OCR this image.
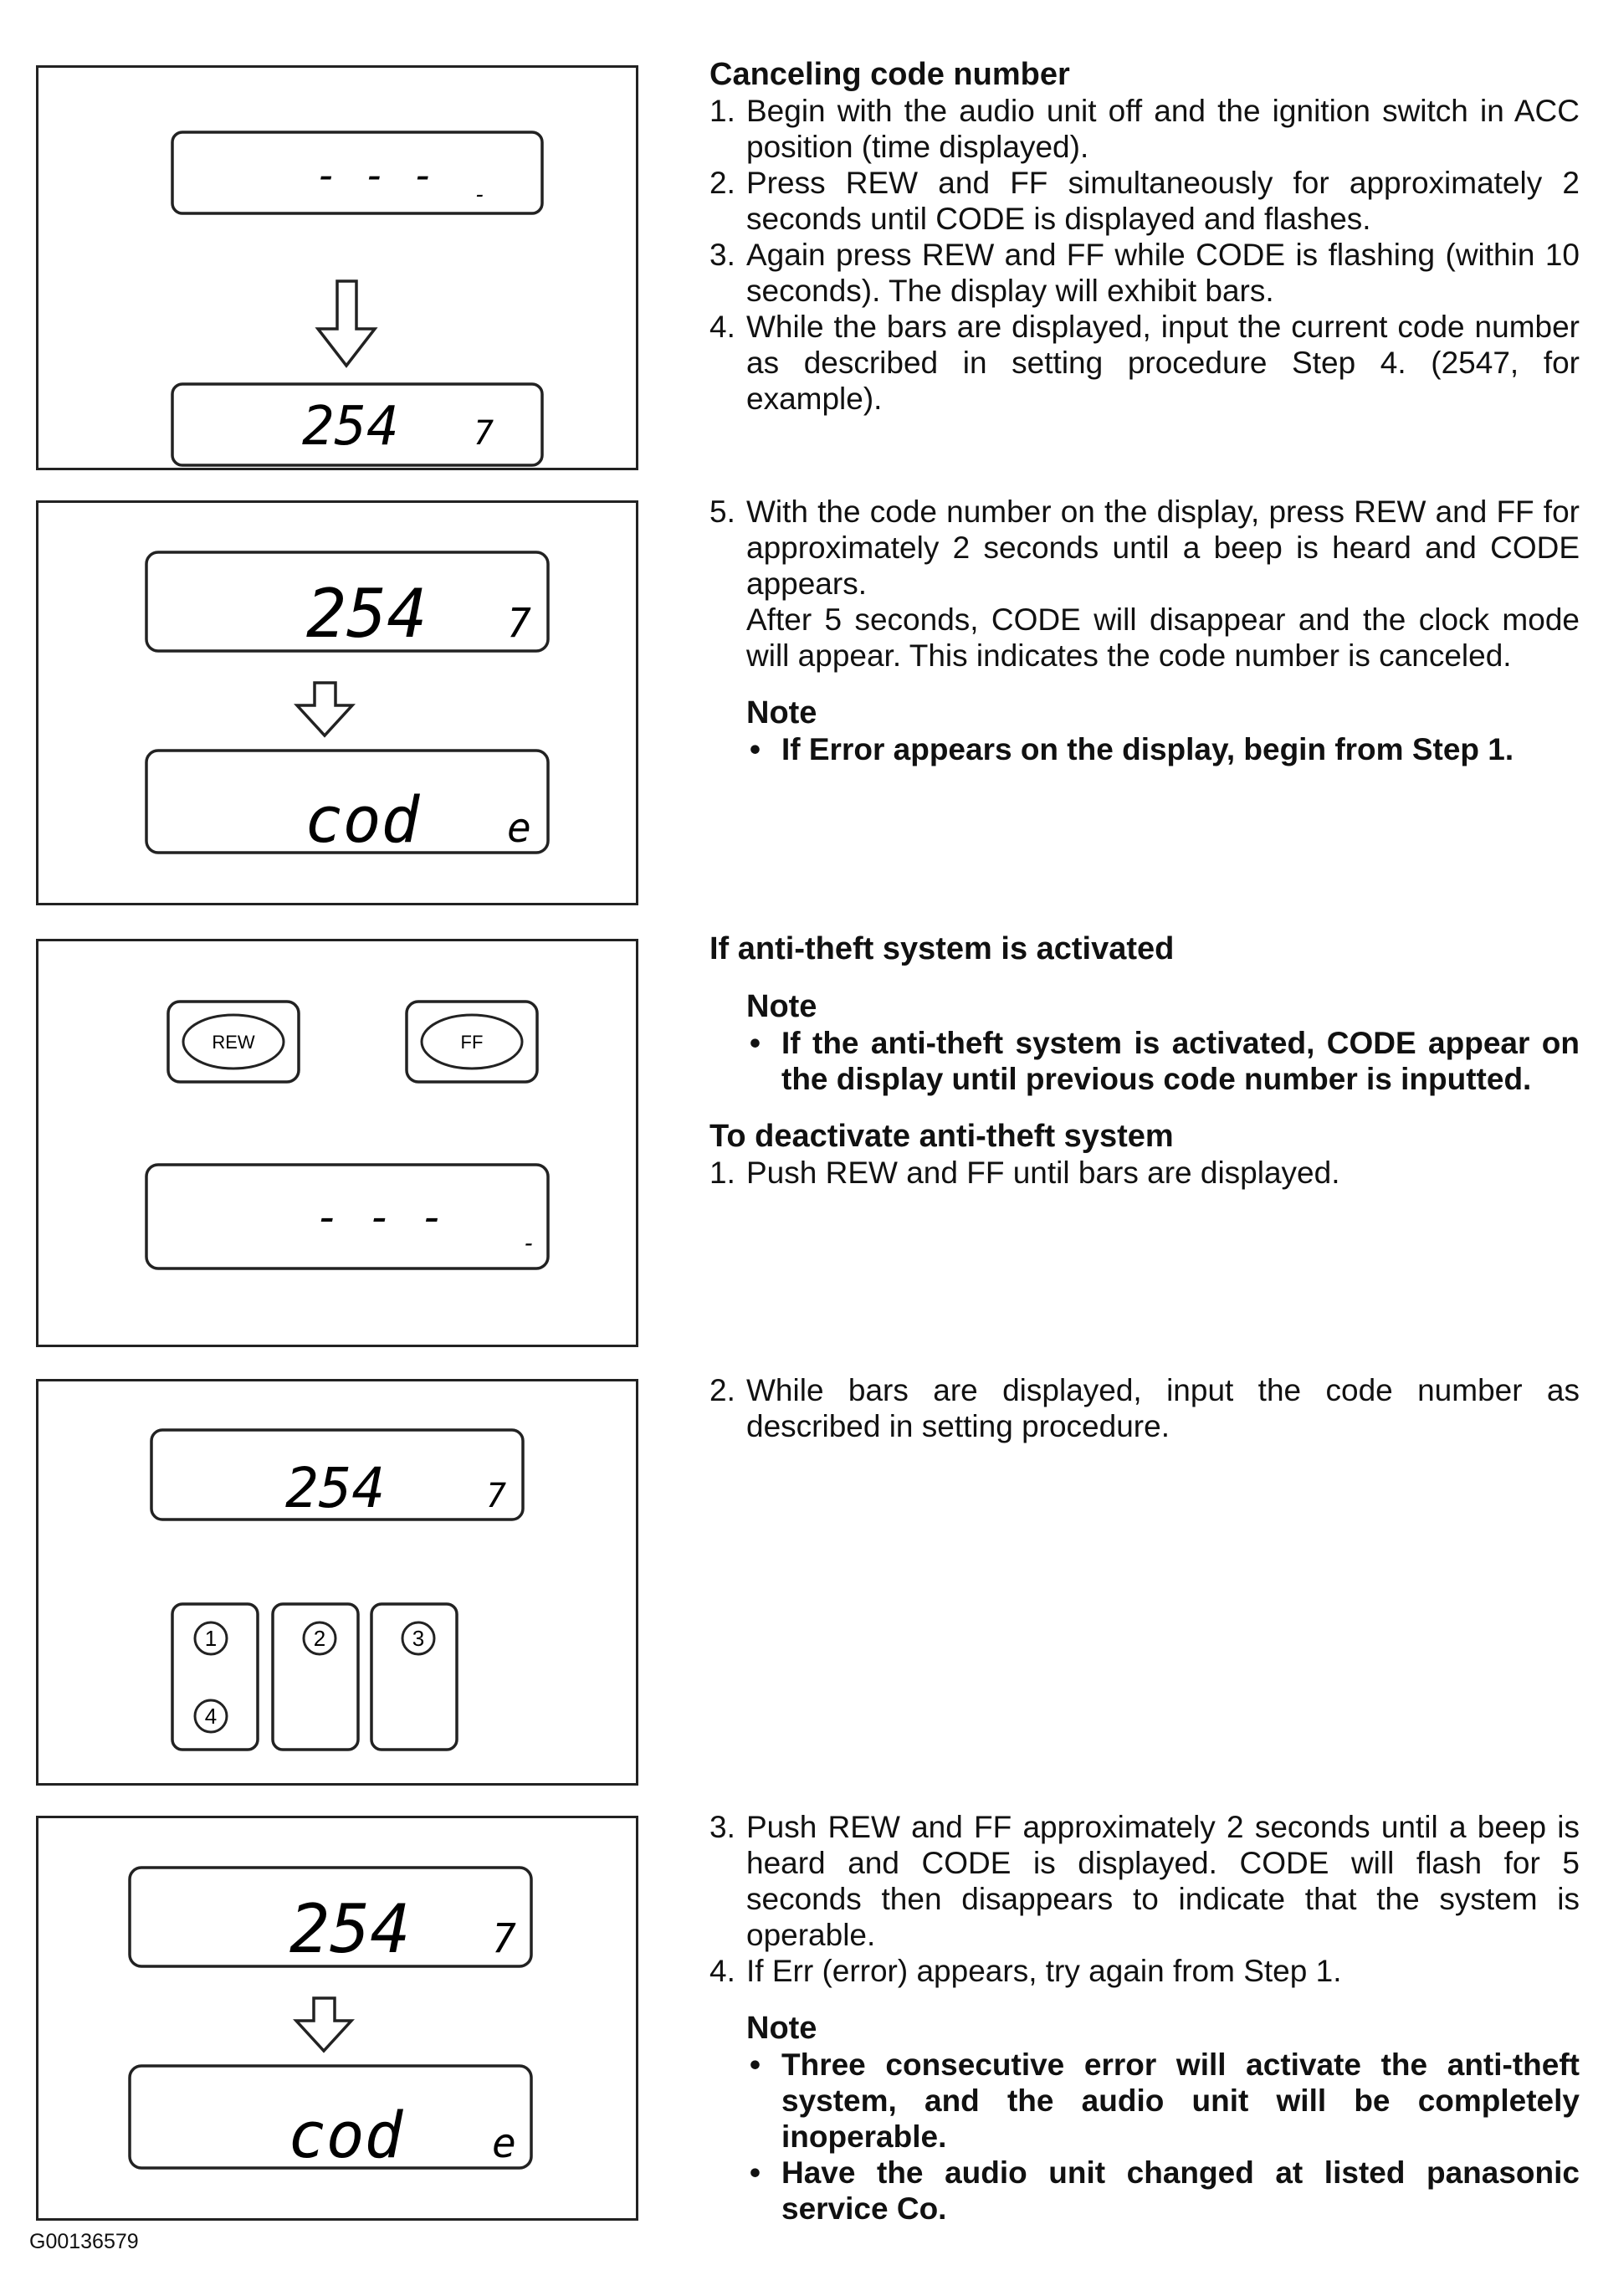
- - - -
254 7
254 7
cod e
REW	FF
- - -
-
254	7
1
4
2	3
254 7
cod e

Canceling code number

1. Begin with the audio unit off and the ignition switch in ACC position (time displayed).
2. Press REW and FF simultaneously for approximately 2 seconds until CODE is displayed and flashes.
3. Again press REW and FF while CODE is flashing (within 10 seconds). The display will exhibit bars.
4. While the bars are displayed, input the current code number as described in setting procedure Step 4. (2547, for example).
5. With the code number on the display, press REW and FF for approximately 2 seconds until a beep is heard and CODE appears.
After 5 seconds, CODE will disappear and the clock mode will appear. This indicates the code number is canceled.

Note

• If Error appears on the display, begin from Step 1.

If anti-theft system is activated

Note

• If the anti-theft system is activated, CODE appear on the display until previous code number is inputted.

To deactivate anti-theft system

1. Push REW and FF until bars are displayed.
2. While bars are displayed, input the code number as described in setting procedure.
3. Push REW and FF approximately 2 seconds until a beep is heard and CODE is displayed. CODE will flash for 5 seconds then disappears to indicate that the system is operable.
4. If Err (error) appears, try again from Step 1.

Note

• Three consecutive error will activate the anti-theft system, and the audio unit will be completely inoperable.
• Have the audio unit changed at listed panasonic service Co.
G00136579
